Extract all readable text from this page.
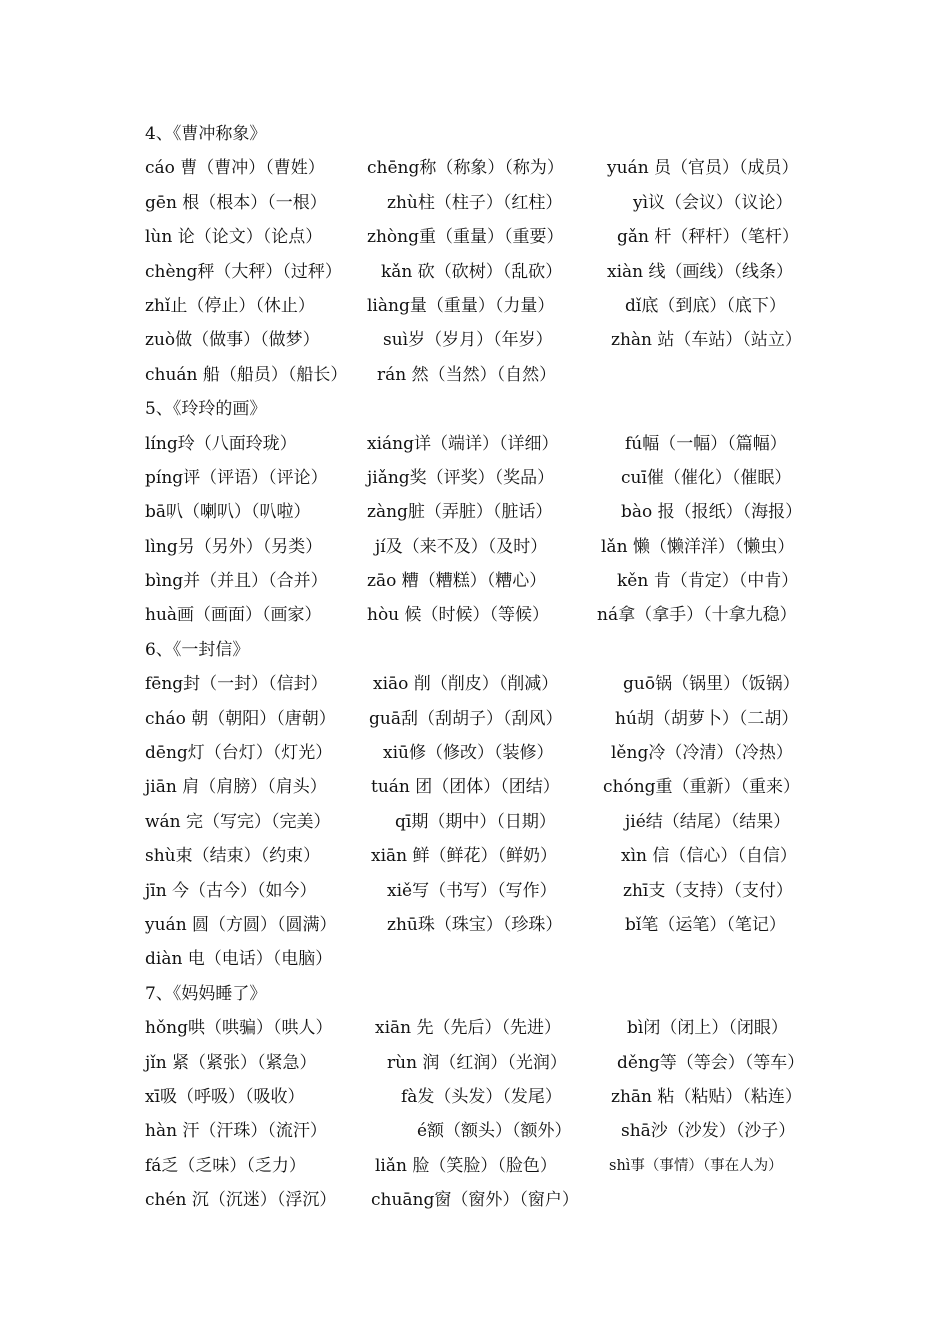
4、《曹冲称象》
cáo 曹（曹冲）（曹姓） chēng称（称象）（称为）	yuán 员（官员）（成员）
gēn 根（根本）（一根）	zhù柱（柱子）（红柱）	yì议（会议）（议论）
lùn 论（论文）（论点）	zhòng重（重量）（重要）	gǎn 杆（秤杆）（笔杆）
chèng秤（大秤）（过秤） kǎn 砍（砍树）（乱砍）	xiàn 线（画线）（线条）
zhǐ止（停止）（休止）	liàng量（重量）（力量）	dǐ底（到底）（底下）
zuò做（做事）（做梦）	suì岁（岁月）（年岁）	zhàn 站（车站）（站立）
chuán 船（船员）（船长） rán 然（当然）（自然）
5、《玲玲的画》
líng玲（八面玲珑）	xiáng详（端详）（详细）	fú幅（一幅）（篇幅）
píng评（评语）（评论） jiǎng奖（评奖）（奖品）	cuī催（催化）（催眠）
bā叭（喇叭）（叭啦）	zàng脏（弄脏）（脏话）	bào 报（报纸）（海报）
lìng另（另外）（另类）	jí及（来不及）（及时）	lǎn 懒（懒洋洋）（懒虫）
bìng并（并且）（合并） zāo 糟（糟糕）（糟心）	kěn 肯（肯定）（中肯）
huà画（画面）（画家）	hòu 候（时候）（等候）	ná拿（拿手）（十拿九稳）
6、《一封信》
fēng封（一封）（信封）	xiāo 削（削皮）（削减）	guō锅（锅里）（饭锅）
cháo 朝（朝阳）（唐朝） guā刮（刮胡子）（刮风）	hú胡（胡萝卜）（二胡）
dēng灯（台灯）（灯光）	xiū修（修改）（装修）	lěng冷（冷清）（冷热）
jiān 肩（肩膀）（肩头）	tuán 团（团体）（团结）	chóng重（重新）（重来）
wán 完（写完）（完美）	qī期（期中）（日期）	jié结（结尾）（结果）
shù束（结束）（约束）	xiān 鲜（鲜花）（鲜奶）	xìn 信（信心）（自信）
jīn 今（古今）（如今）	xiě写（书写）（写作）	zhī支（支持）（支付）
yuán 圆（方圆）（圆满）	zhū珠（珠宝）（珍珠）	bǐ笔（运笔）（笔记）
diàn 电（电话）（电脑）
7、《妈妈睡了》
hǒng哄（哄骗）（哄人） xiān 先（先后）（先进）	bì闭（闭上）（闭眼）
jǐn 紧（紧张）（紧急）	rùn 润（红润）（光润）	děng等（等会）（等车）
xī吸（呼吸）（吸收）	fà发（头发）（发尾）	zhān 粘（粘贴）（粘连）
hàn 汗（汗珠）（流汗）	é额（额头）（额外）	shā沙（沙发）（沙子）
fá乏（乏味）（乏力）	liǎn 脸（笑脸）（脸色）	shì事（事情）（事在人为）
chén 沉（沉迷）（浮沉） chuāng窗（窗外）（窗户）
